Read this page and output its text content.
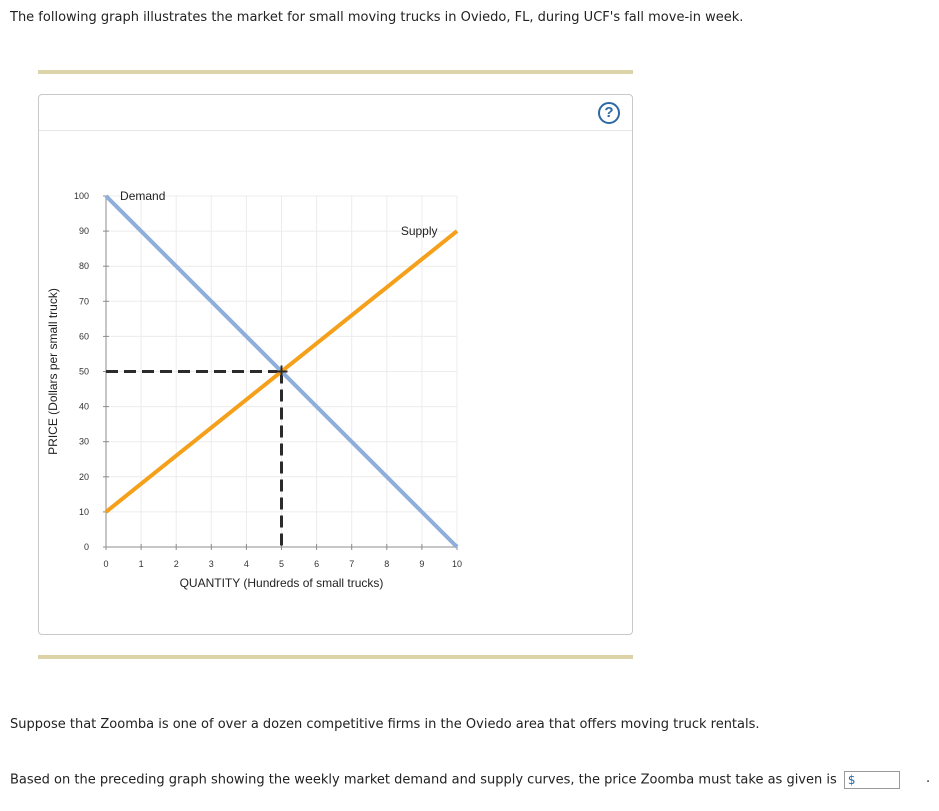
The following graph illustrates the market for small moving trucks in Oviedo, FL, during UCF's fall move-in week.
?
0
10
20
30
40
50
60
70
80
90
100
0	1	2	3	4	5	6	7	8	9	10
QUANTITY (Hundreds of small trucks)
PRICE (Dollars per small truck)
Demand
Supply
Suppose that Zoomba is one of over a dozen competitive firms in the Oviedo area that offers moving truck rentals.
Based on the preceding graph showing the weekly market demand and supply curves, the price Zoomba must take as given is $	.
